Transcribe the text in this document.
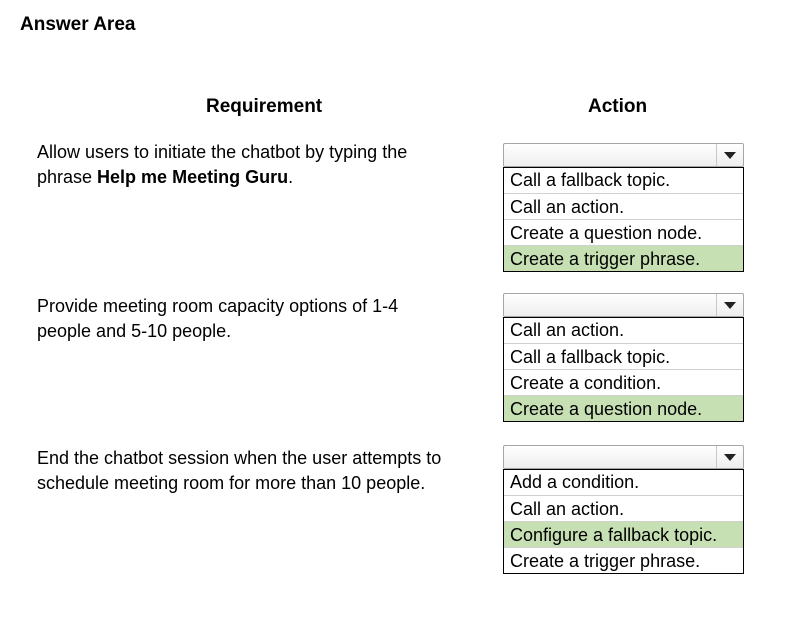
Answer Area
Requirement	Action
Allow users to initiate the chatbot by typing the phrase Help me Meeting Guru.	Call a fallback topic.
Call an action.
Create a question node.
Create a trigger phrase.
Provide meeting room capacity options of 1-4 people and 5-10 people.	Call an action.
Call a fallback topic.
Create a condition.
Create a question node.
End the chatbot session when the user attempts to schedule meeting room for more than 10 people.	Add a condition.
Call an action.
Configure a fallback topic.
Create a trigger phrase.
